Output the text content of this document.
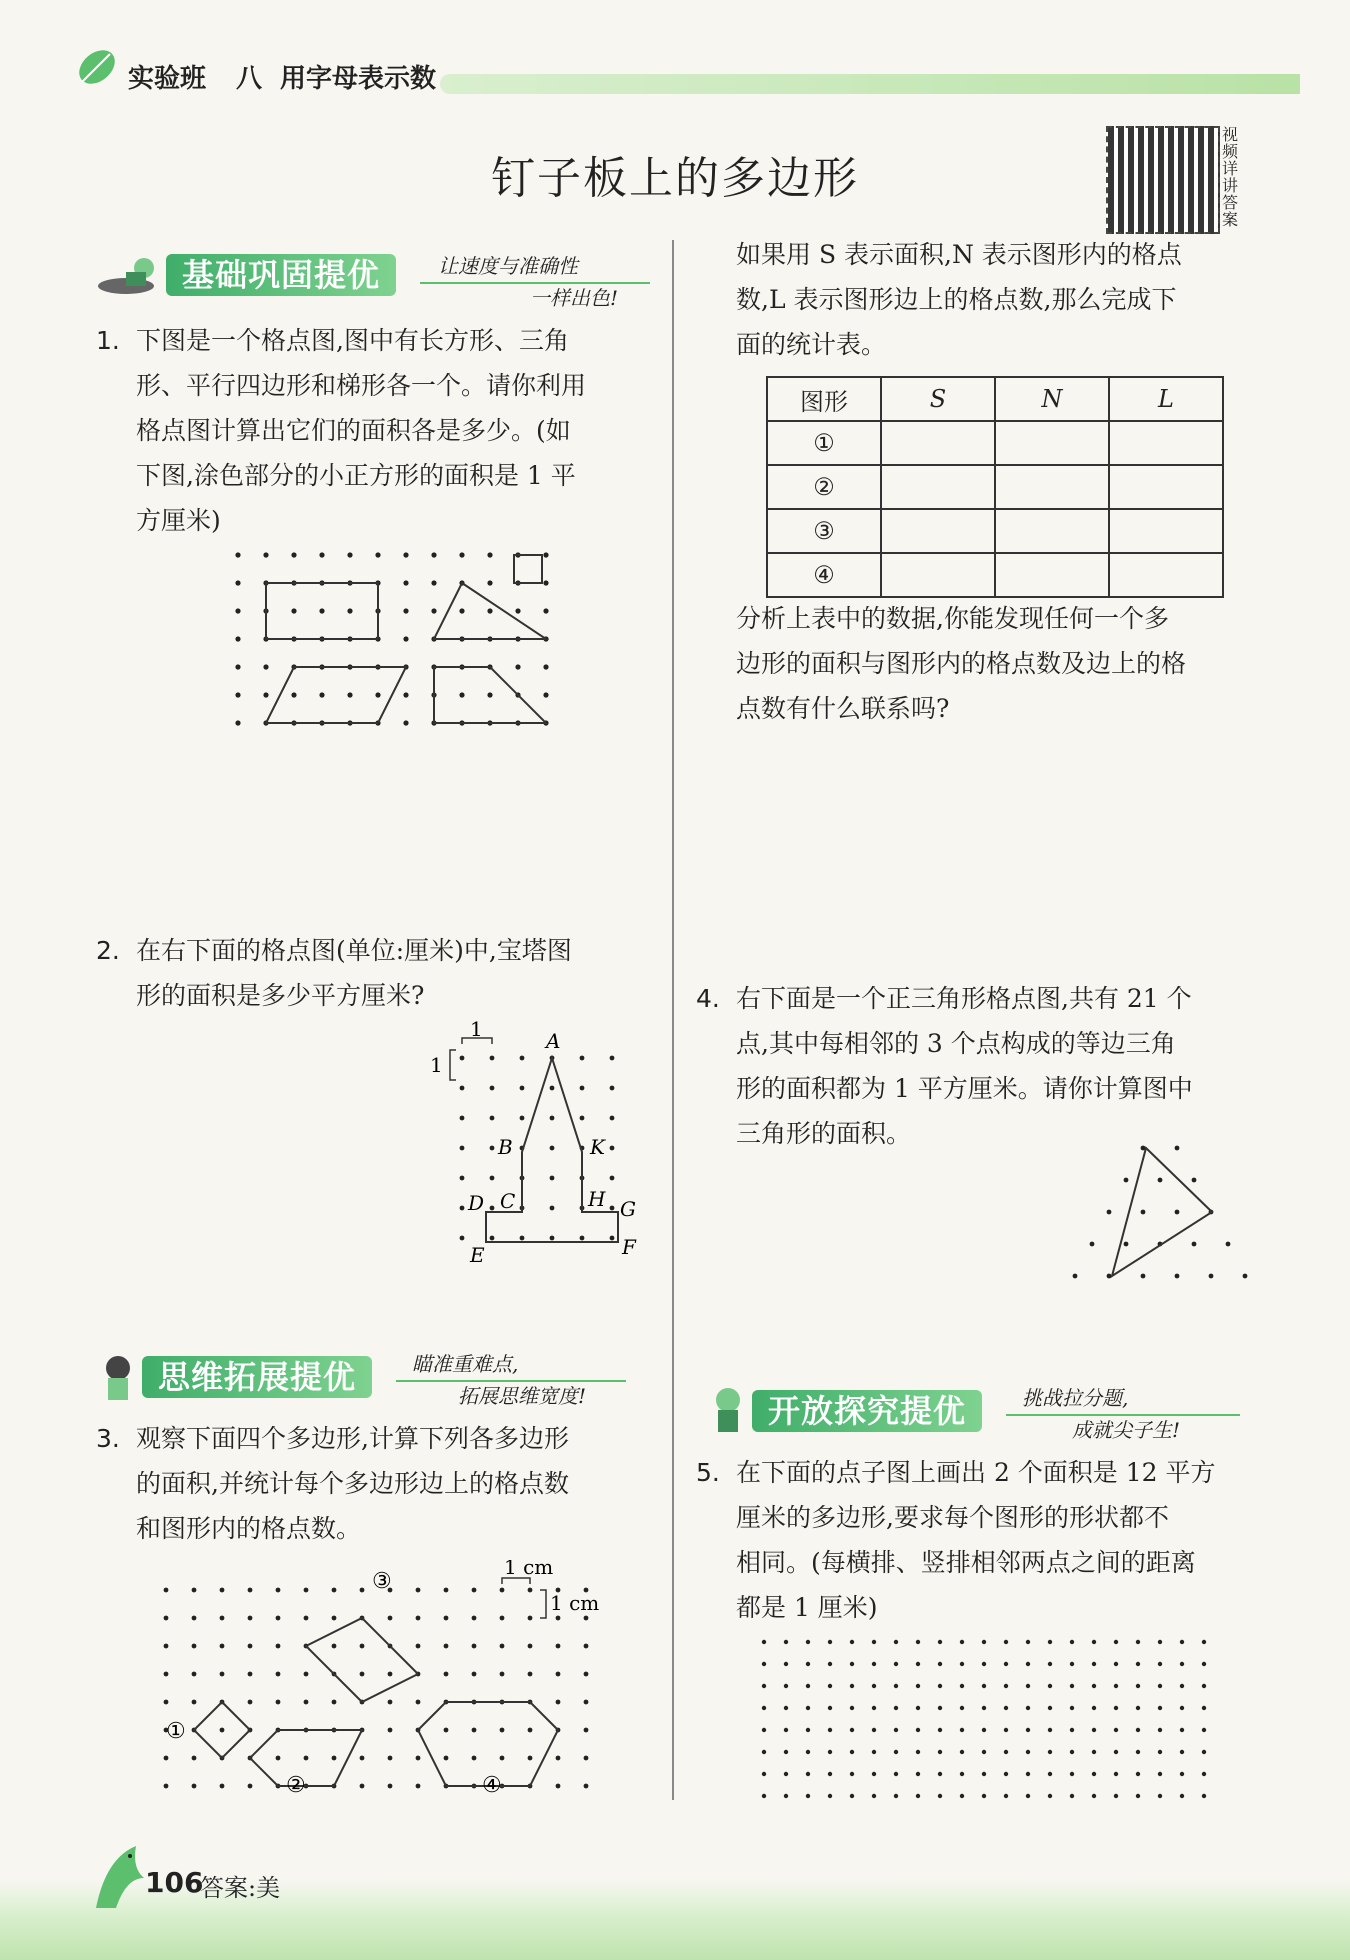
实验班 八 用字母表示数
钉子板上的多边形
视频详讲答案
基础巩固提优	让速度与准确性
一样出色!
1. 下图是一个格点图,图中有长方形、三角
形、平行四边形和梯形各一个。请你利用
格点图计算出它们的面积各是多少。(如
下图,涂色部分的小正方形的面积是 1 平
方厘米)
2. 在右下面的格点图(单位:厘米)中,宝塔图
形的面积是多少平方厘米?
1
1
A
B	K
D C	H G
E	F
思维拓展提优	瞄准重难点,
拓展思维宽度!
3. 观察下面四个多边形,计算下列各多边形
的面积,并统计每个多边形边上的格点数
和图形内的格点数。
①
②
③
④
1 cm
1 cm
如果用 S 表示面积,N 表示图形内的格点
数,L 表示图形边上的格点数,那么完成下
面的统计表。
图形	S	N	L
①			
②			
③			
④			
分析上表中的数据,你能发现任何一个多
边形的面积与图形内的格点数及边上的格
点数有什么联系吗?
4. 右下面是一个正三角形格点图,共有 21 个
点,其中每相邻的 3 个点构成的等边三角
形的面积都为 1 平方厘米。请你计算图中
三角形的面积。
开放探究提优	挑战拉分题,
成就尖子生!
5. 在下面的点子图上画出 2 个面积是 12 平方
厘米的多边形,要求每个图形的形状都不
相同。(每横排、竖排相邻两点之间的距离
都是 1 厘米)
106
答案:美
